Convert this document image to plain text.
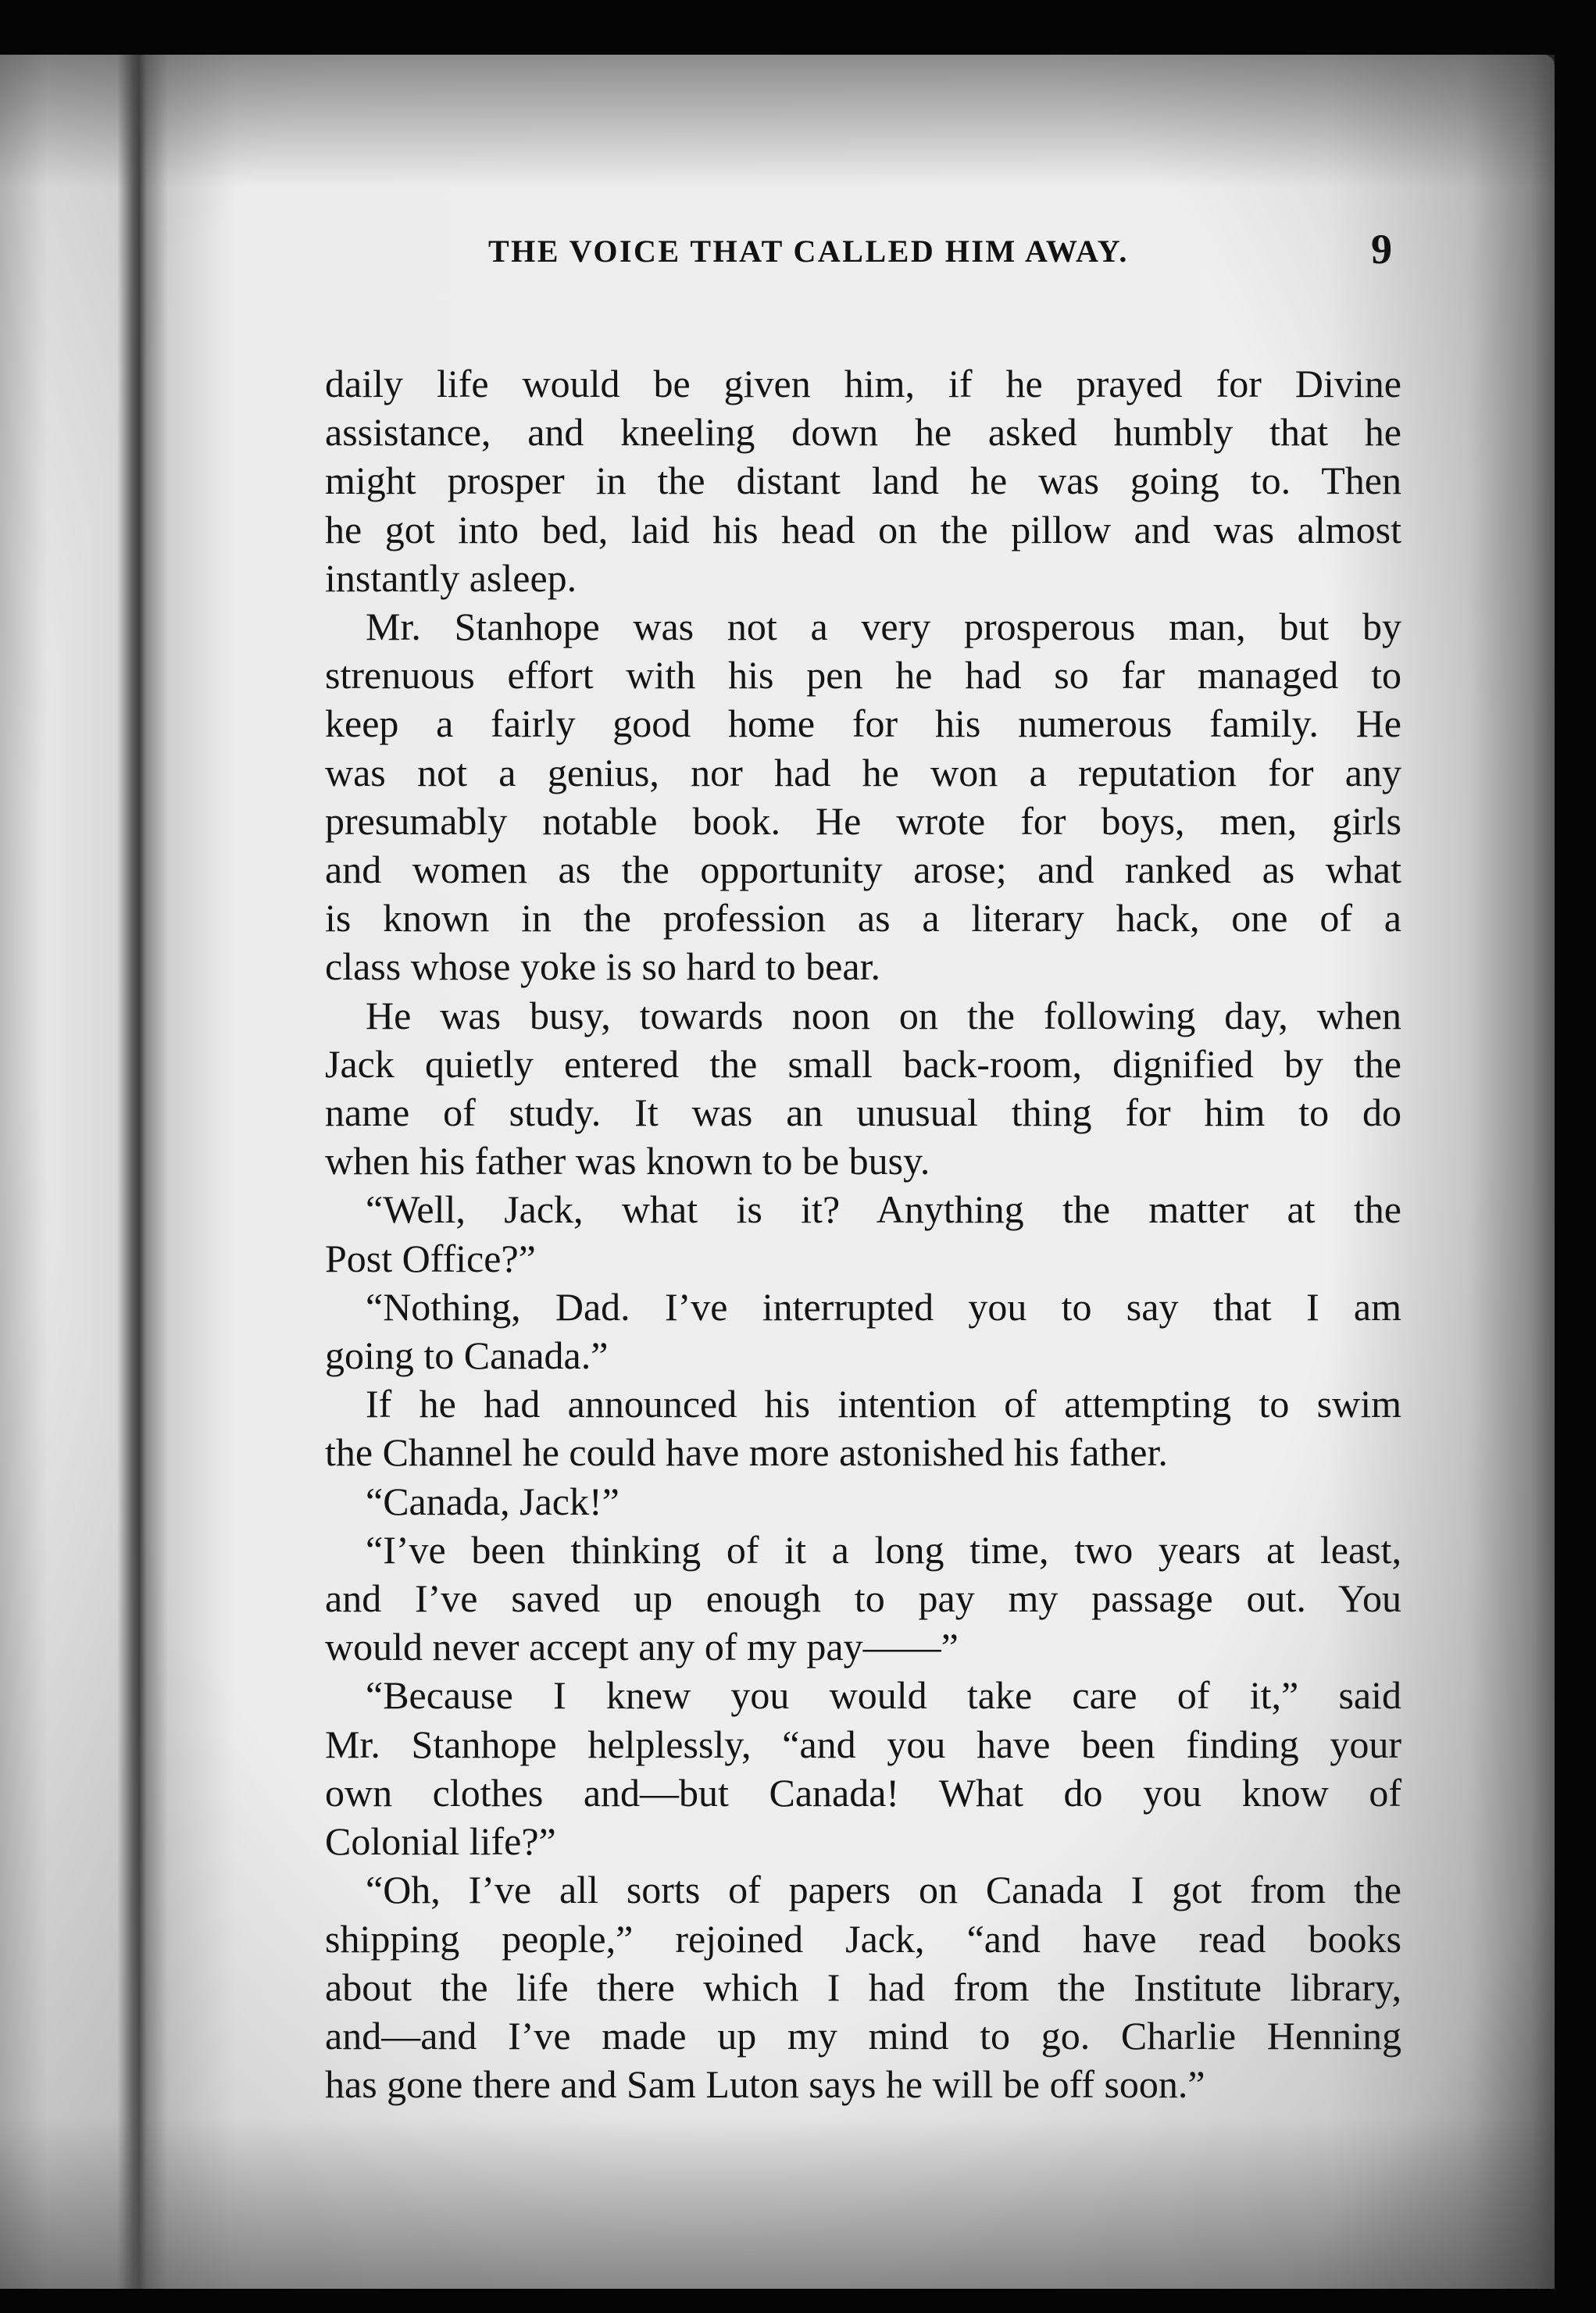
THE VOICE THAT CALLED HIM AWAY.	9
daily life would be given him, if he prayed for Divine
assistance, and kneeling down he asked humbly that he
might prosper in the distant land he was going to. Then
he got into bed, laid his head on the pillow and was almost
instantly asleep.
Mr. Stanhope was not a very prosperous man, but by
strenuous effort with his pen he had so far managed to
keep a fairly good home for his numerous family. He
was not a genius, nor had he won a reputation for any
presumably notable book. He wrote for boys, men, girls
and women as the opportunity arose; and ranked as what
is known in the profession as a literary hack, one of a
class whose yoke is so hard to bear.
He was busy, towards noon on the following day, when
Jack quietly entered the small back-room, dignified by the
name of study. It was an unusual thing for him to do
when his father was known to be busy.
“Well, Jack, what is it? Anything the matter at the
Post Office?”
“Nothing, Dad. I’ve interrupted you to say that I am
going to Canada.”
If he had announced his intention of attempting to swim
the Channel he could have more astonished his father.
“Canada, Jack!”
“I’ve been thinking of it a long time, two years at least,
and I’ve saved up enough to pay my passage out. You
would never accept any of my pay——”
“Because I knew you would take care of it,” said
Mr. Stanhope helplessly, “and you have been finding your
own clothes and—but Canada! What do you know of
Colonial life?”
“Oh, I’ve all sorts of papers on Canada I got from the
shipping people,” rejoined Jack, “and have read books
about the life there which I had from the Institute library,
and—and I’ve made up my mind to go. Charlie Henning
has gone there and Sam Luton says he will be off soon.”
